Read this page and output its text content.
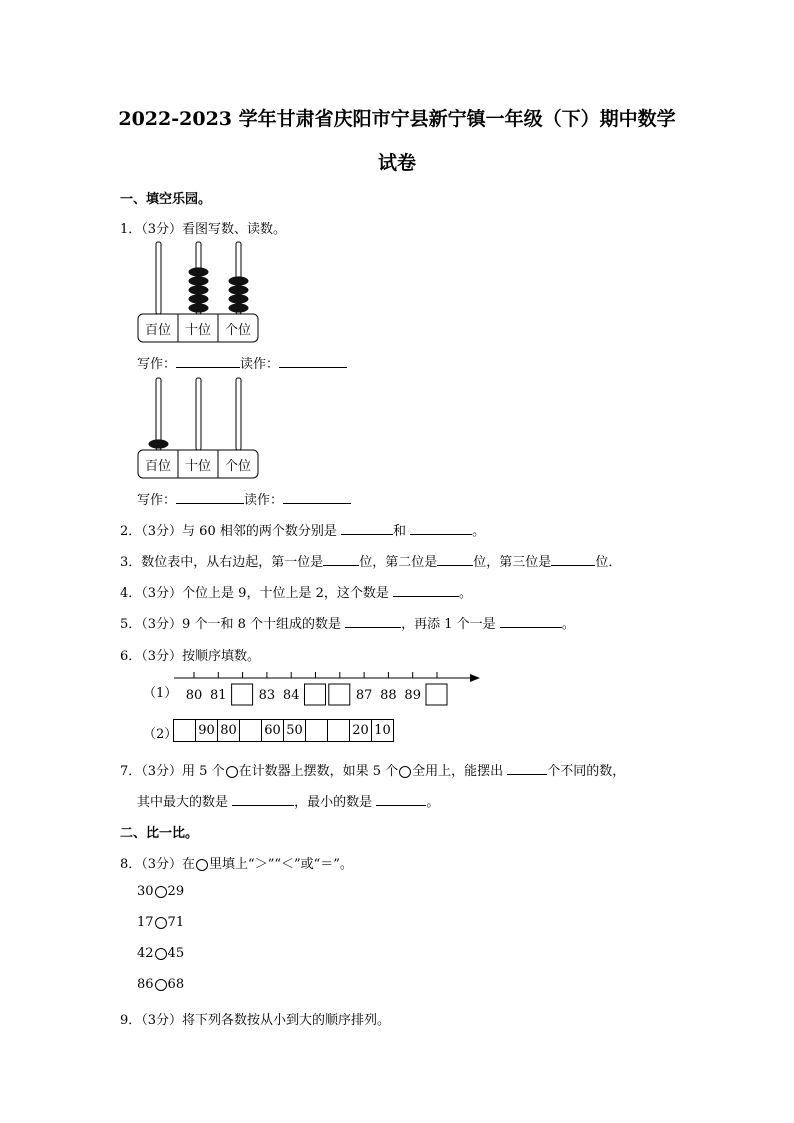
2022-2023 学年甘肃省庆阳市宁县新宁镇一年级（下）期中数学
试卷
一、填空乐园。
1．（3分）看图写数、读数。
百位 十位 个位
写作：	读作：
百位 十位 个位
写作：	读作：
2．（3分）与 60 相邻的两个数分别是	和	。
3．数位表中，从右边起，第一位是	位，第二位是	位，第三位是	位．
4．（3分）个位上是 9，十位上是 2，这个数是	。
5．（3分）9 个一和 8 个十组成的数是	，再添 1 个一是	。
6．（3分）按顺序填数。
（1） 80 81 83 84	87 88 89
（2） 90 80 60 50	20 10
7．（3分）用 5 个 在计数器上摆数，如果 5 个 全用上，能摆出	个不同的数，
其中最大的数是	，最小的数是	。
二、比一比。
8．（3分）在 里填上“＞”“＜”或“＝”。
30 29
17 71
42 45
86 68
9．（3分）将下列各数按从小到大的顺序排列。
